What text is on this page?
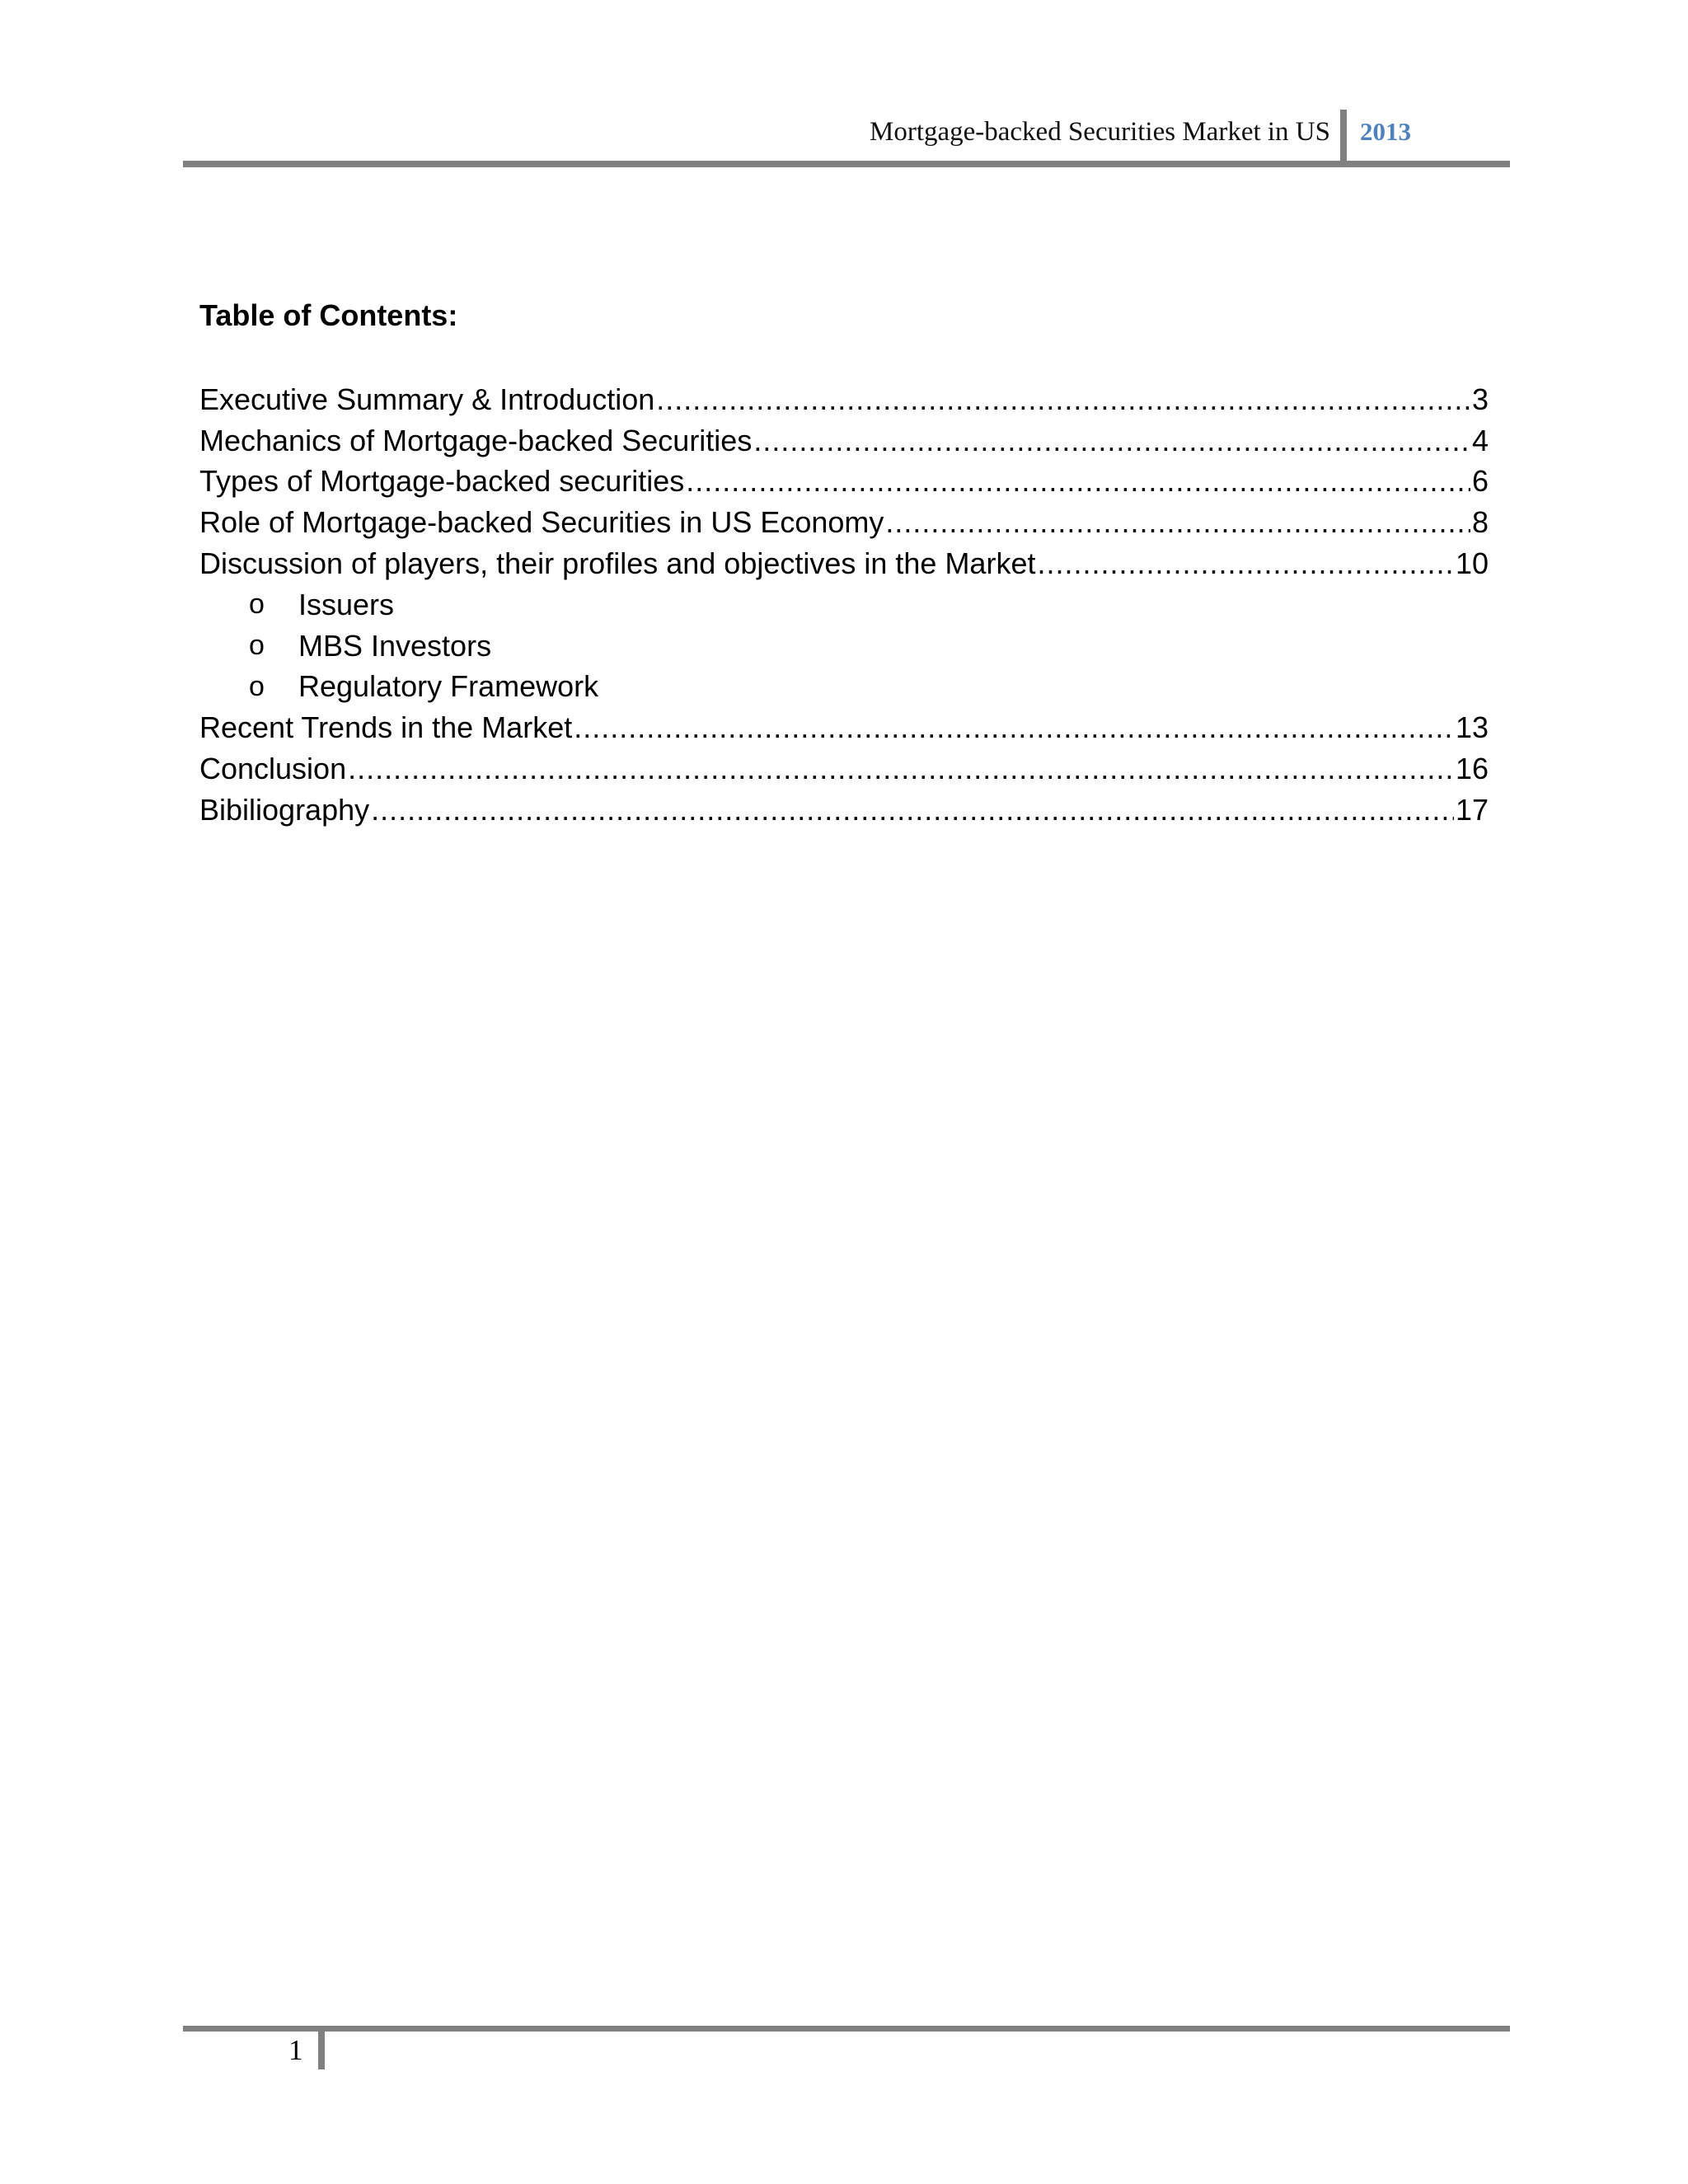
Mortgage-backed Securities Market in US 2013
Table of Contents:
Executive Summary & Introduction .....	3
Mechanics of Mortgage-backed Securities .....	4
Types of Mortgage-backed securities .....	6
Role of Mortgage-backed Securities in US Economy .....	8
Discussion of players, their profiles and objectives in the Market .....	10
o	Issuers
o	MBS Investors
o	Regulatory Framework
Recent Trends in the Market .....	13
Conclusion .....	16
Bibiliography .....	17
1
